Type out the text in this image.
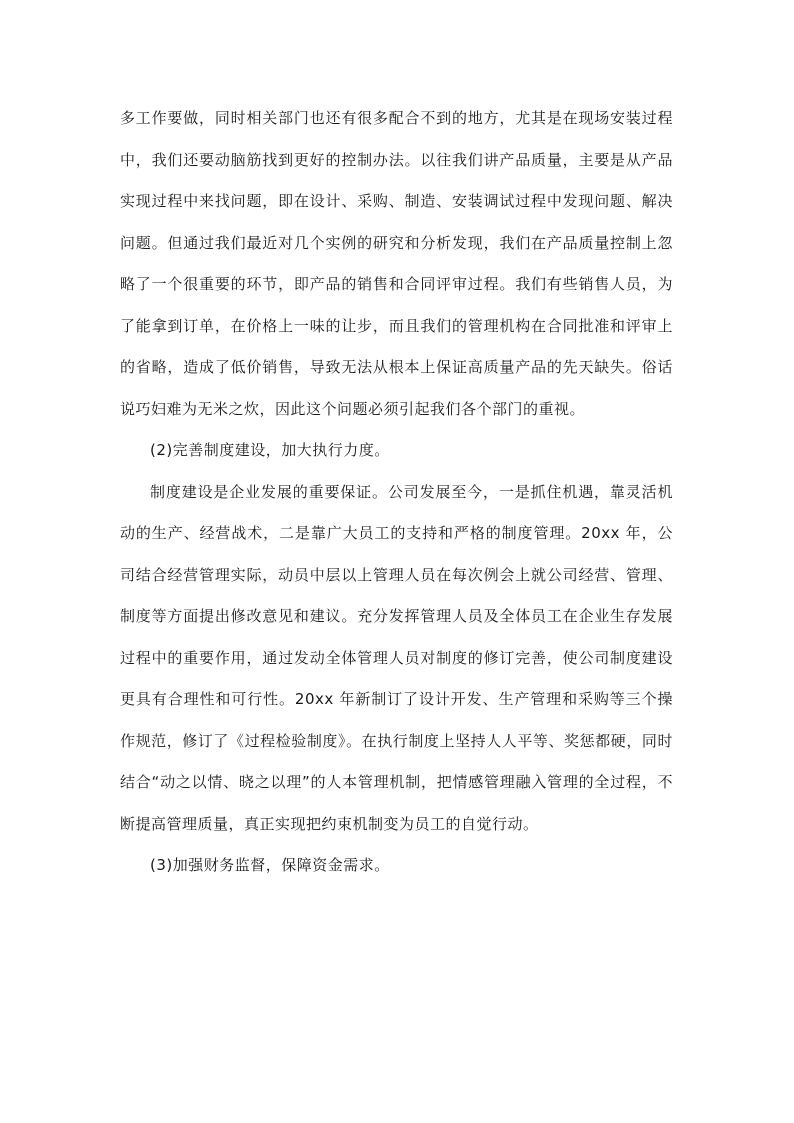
多工作要做，同时相关部门也还有很多配合不到的地方，尤其是在现场安装过程中，我们还要动脑筋找到更好的控制办法。以往我们讲产品质量，主要是从产品实现过程中来找问题，即在设计、采购、制造、安装调试过程中发现问题、解决问题。但通过我们最近对几个实例的研究和分析发现，我们在产品质量控制上忽略了一个很重要的环节，即产品的销售和合同评审过程。我们有些销售人员，为了能拿到订单，在价格上一味的让步，而且我们的管理机构在合同批准和评审上的省略，造成了低价销售，导致无法从根本上保证高质量产品的先天缺失。俗话说巧妇难为无米之炊，因此这个问题必须引起我们各个部门的重视。

(2)完善制度建设，加大执行力度。

制度建设是企业发展的重要保证。公司发展至今，一是抓住机遇，靠灵活机动的生产、经营战术，二是靠广大员工的支持和严格的制度管理。20xx 年，公司结合经营管理实际，动员中层以上管理人员在每次例会上就公司经营、管理、制度等方面提出修改意见和建议。充分发挥管理人员及全体员工在企业生存发展过程中的重要作用，通过发动全体管理人员对制度的修订完善，使公司制度建设更具有合理性和可行性。20xx 年新制订了设计开发、生产管理和采购等三个操作规范，修订了《过程检验制度》。在执行制度上坚持人人平等、奖惩都硬，同时结合“动之以情、晓之以理”的人本管理机制，把情感管理融入管理的全过程，不断提高管理质量，真正实现把约束机制变为员工的自觉行动。

(3)加强财务监督，保障资金需求。
